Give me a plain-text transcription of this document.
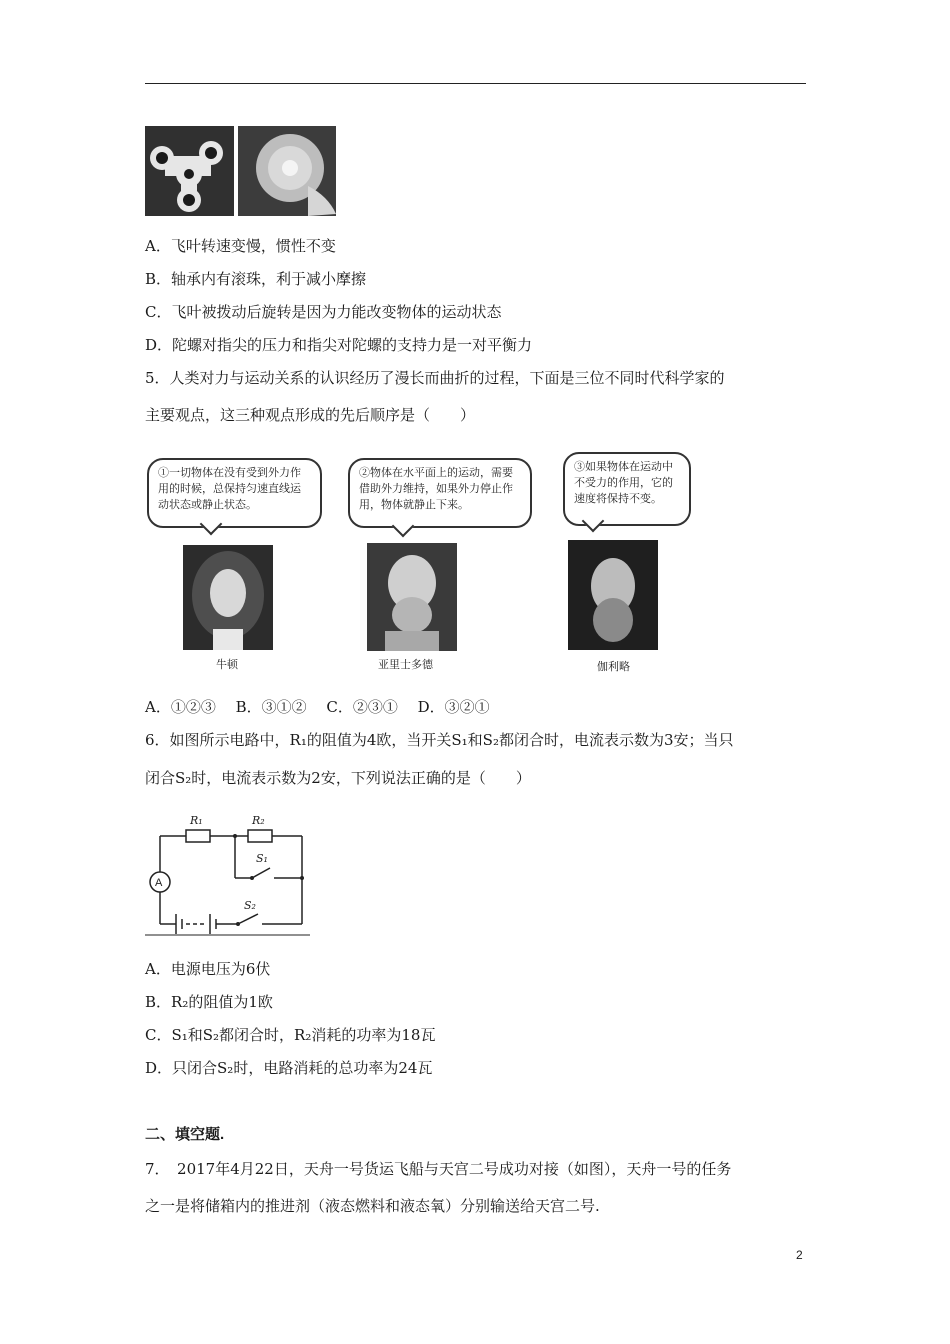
A．飞叶转速变慢，惯性不变
B．轴承内有滚珠，利于减小摩擦
C．飞叶被拨动后旋转是因为力能改变物体的运动状态
D．陀螺对指尖的压力和指尖对陀螺的支持力是一对平衡力
5．人类对力与运动关系的认识经历了漫长而曲折的过程，下面是三位不同时代科学家的
主要观点，这三种观点形成的先后顺序是（　　）
①一切物体在没有受到外力作用的时候，总保持匀速直线运动状态或静止状态。
②物体在水平面上的运动，需要借助外力维持，如果外力停止作用，物体就静止下来。
③如果物体在运动中不受力的作用，它的速度将保持不变。
牛顿	亚里士多德	伽利略
A．①②③　 B．③①②　 C．②③①　 D．③②①
6．如图所示电路中，R₁的阻值为4欧，当开关S₁和S₂都闭合时，电流表示数为3安；当只
闭合S₂时，电流表示数为2安，下列说法正确的是（　　）
R₁	R₂
S₁
S₂
A
A．电源电压为6伏
B．R₂的阻值为1欧
C．S₁和S₂都闭合时，R₂消耗的功率为18瓦
D．只闭合S₂时，电路消耗的总功率为24瓦
二、填空题.
7．　2017年4月22日，天舟一号货运飞船与天宫二号成功对接（如图），天舟一号的任务
之一是将储箱内的推进剂（液态燃料和液态氧）分别输送给天宫二号.
2
